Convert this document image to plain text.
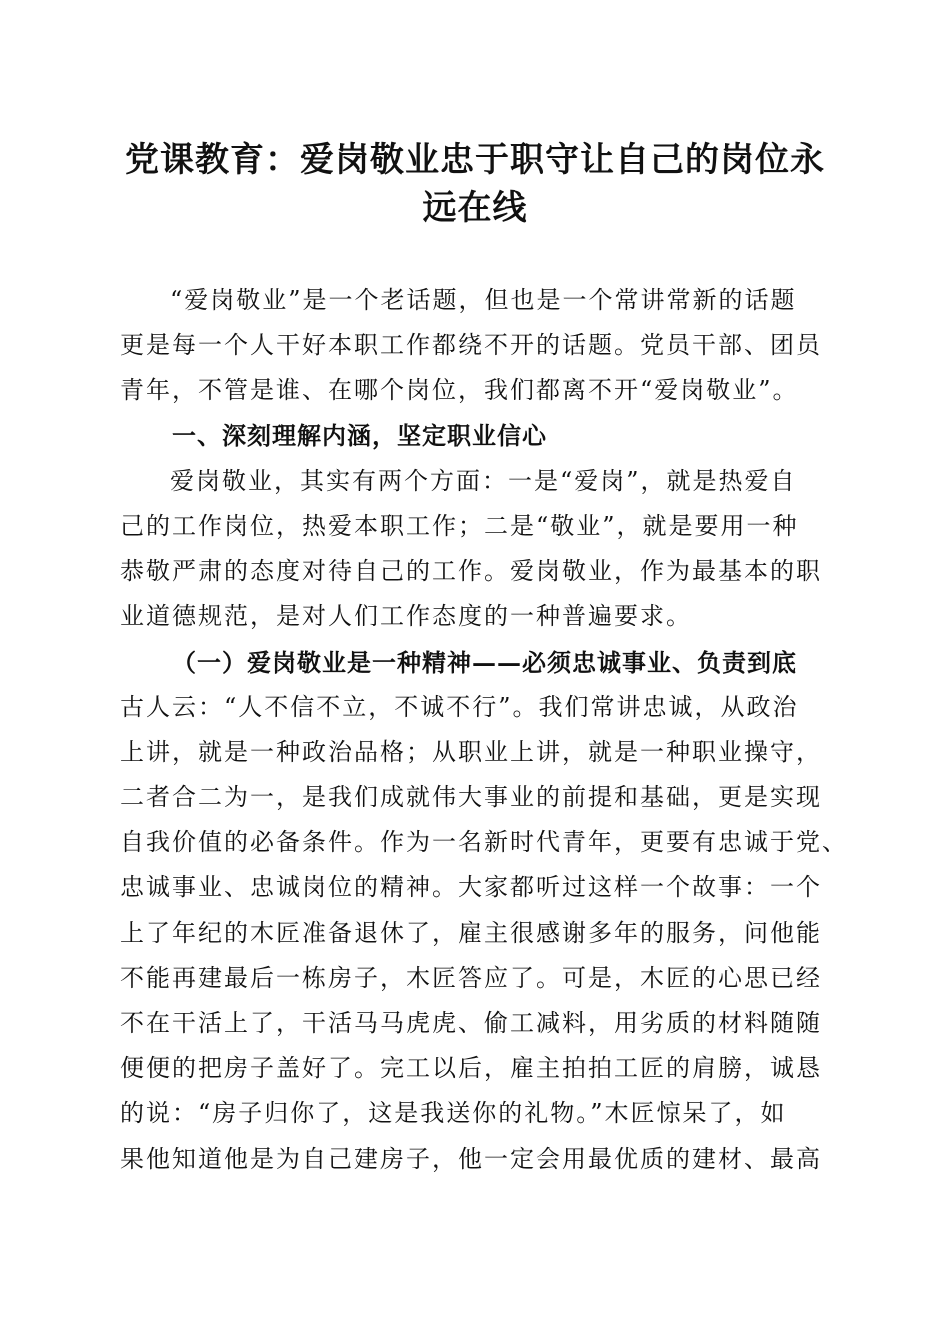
党课教育：爱岗敬业忠于职守让自己的岗位永
远在线
“爱岗敬业”是一个老话题，但也是一个常讲常新的话题
更是每一个人干好本职工作都绕不开的话题。党员干部、团员
青年，不管是谁、在哪个岗位，我们都离不开“爱岗敬业”。
一、深刻理解内涵，坚定职业信心
爱岗敬业，其实有两个方面：一是“爱岗”，就是热爱自
己的工作岗位，热爱本职工作；二是“敬业”，就是要用一种
恭敬严肃的态度对待自己的工作。爱岗敬业，作为最基本的职
业道德规范，是对人们工作态度的一种普遍要求。
（一）爱岗敬业是一种精神——必须忠诚事业、负责到底
古人云：“人不信不立，不诚不行”。我们常讲忠诚，从政治
上讲，就是一种政治品格；从职业上讲，就是一种职业操守，
二者合二为一，是我们成就伟大事业的前提和基础，更是实现
自我价值的必备条件。作为一名新时代青年，更要有忠诚于党、
忠诚事业、忠诚岗位的精神。大家都听过这样一个故事：一个
上了年纪的木匠准备退休了，雇主很感谢多年的服务，问他能
不能再建最后一栋房子，木匠答应了。可是，木匠的心思已经
不在干活上了，干活马马虎虎、偷工减料，用劣质的材料随随
便便的把房子盖好了。完工以后，雇主拍拍工匠的肩膀，诚恳
的说：“房子归你了，这是我送你的礼物。”木匠惊呆了，如
果他知道他是为自己建房子，他一定会用最优质的建材、最高
